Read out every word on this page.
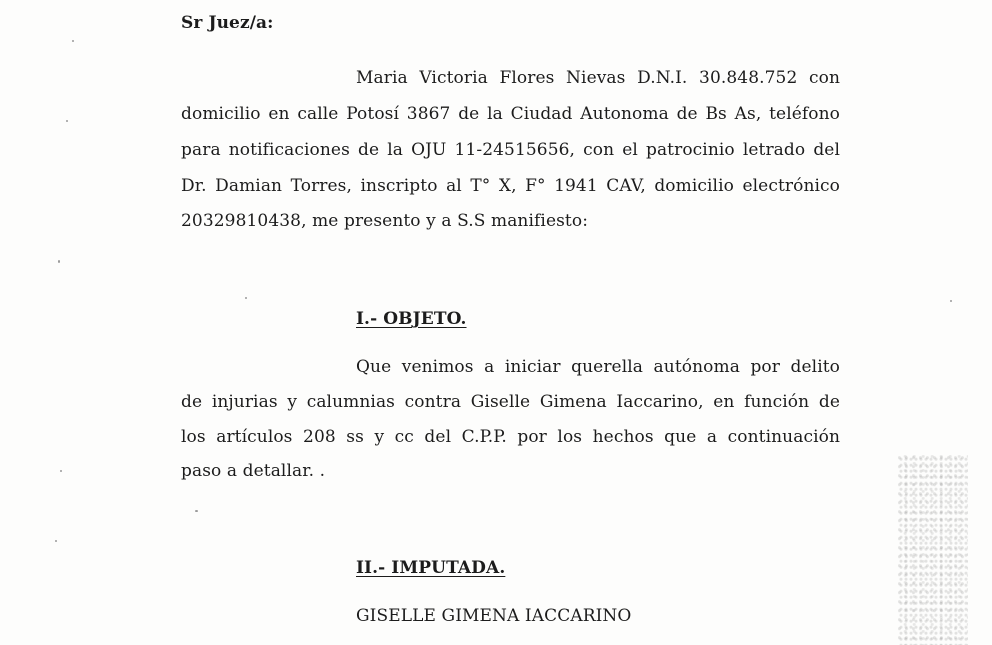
Sr Juez/a:
Maria Victoria Flores Nievas D.N.I. 30.848.752 con
domicilio en calle Potosí 3867 de la Ciudad Autonoma de Bs As, teléfono
para notificaciones de la OJU 11-24515656, con el patrocinio letrado del
Dr. Damian Torres, inscripto al T° X, F° 1941 CAV, domicilio electrónico
20329810438, me presento y a S.S manifiesto:
I.- OBJETO.
Que venimos a iniciar querella autónoma por delito
de injurias y calumnias contra Giselle Gimena Iaccarino, en función de
los artículos 208 ss y cc del C.P.P. por los hechos que a continuación
paso a detallar. .
II.- IMPUTADA.
GISELLE GIMENA IACCARINO
